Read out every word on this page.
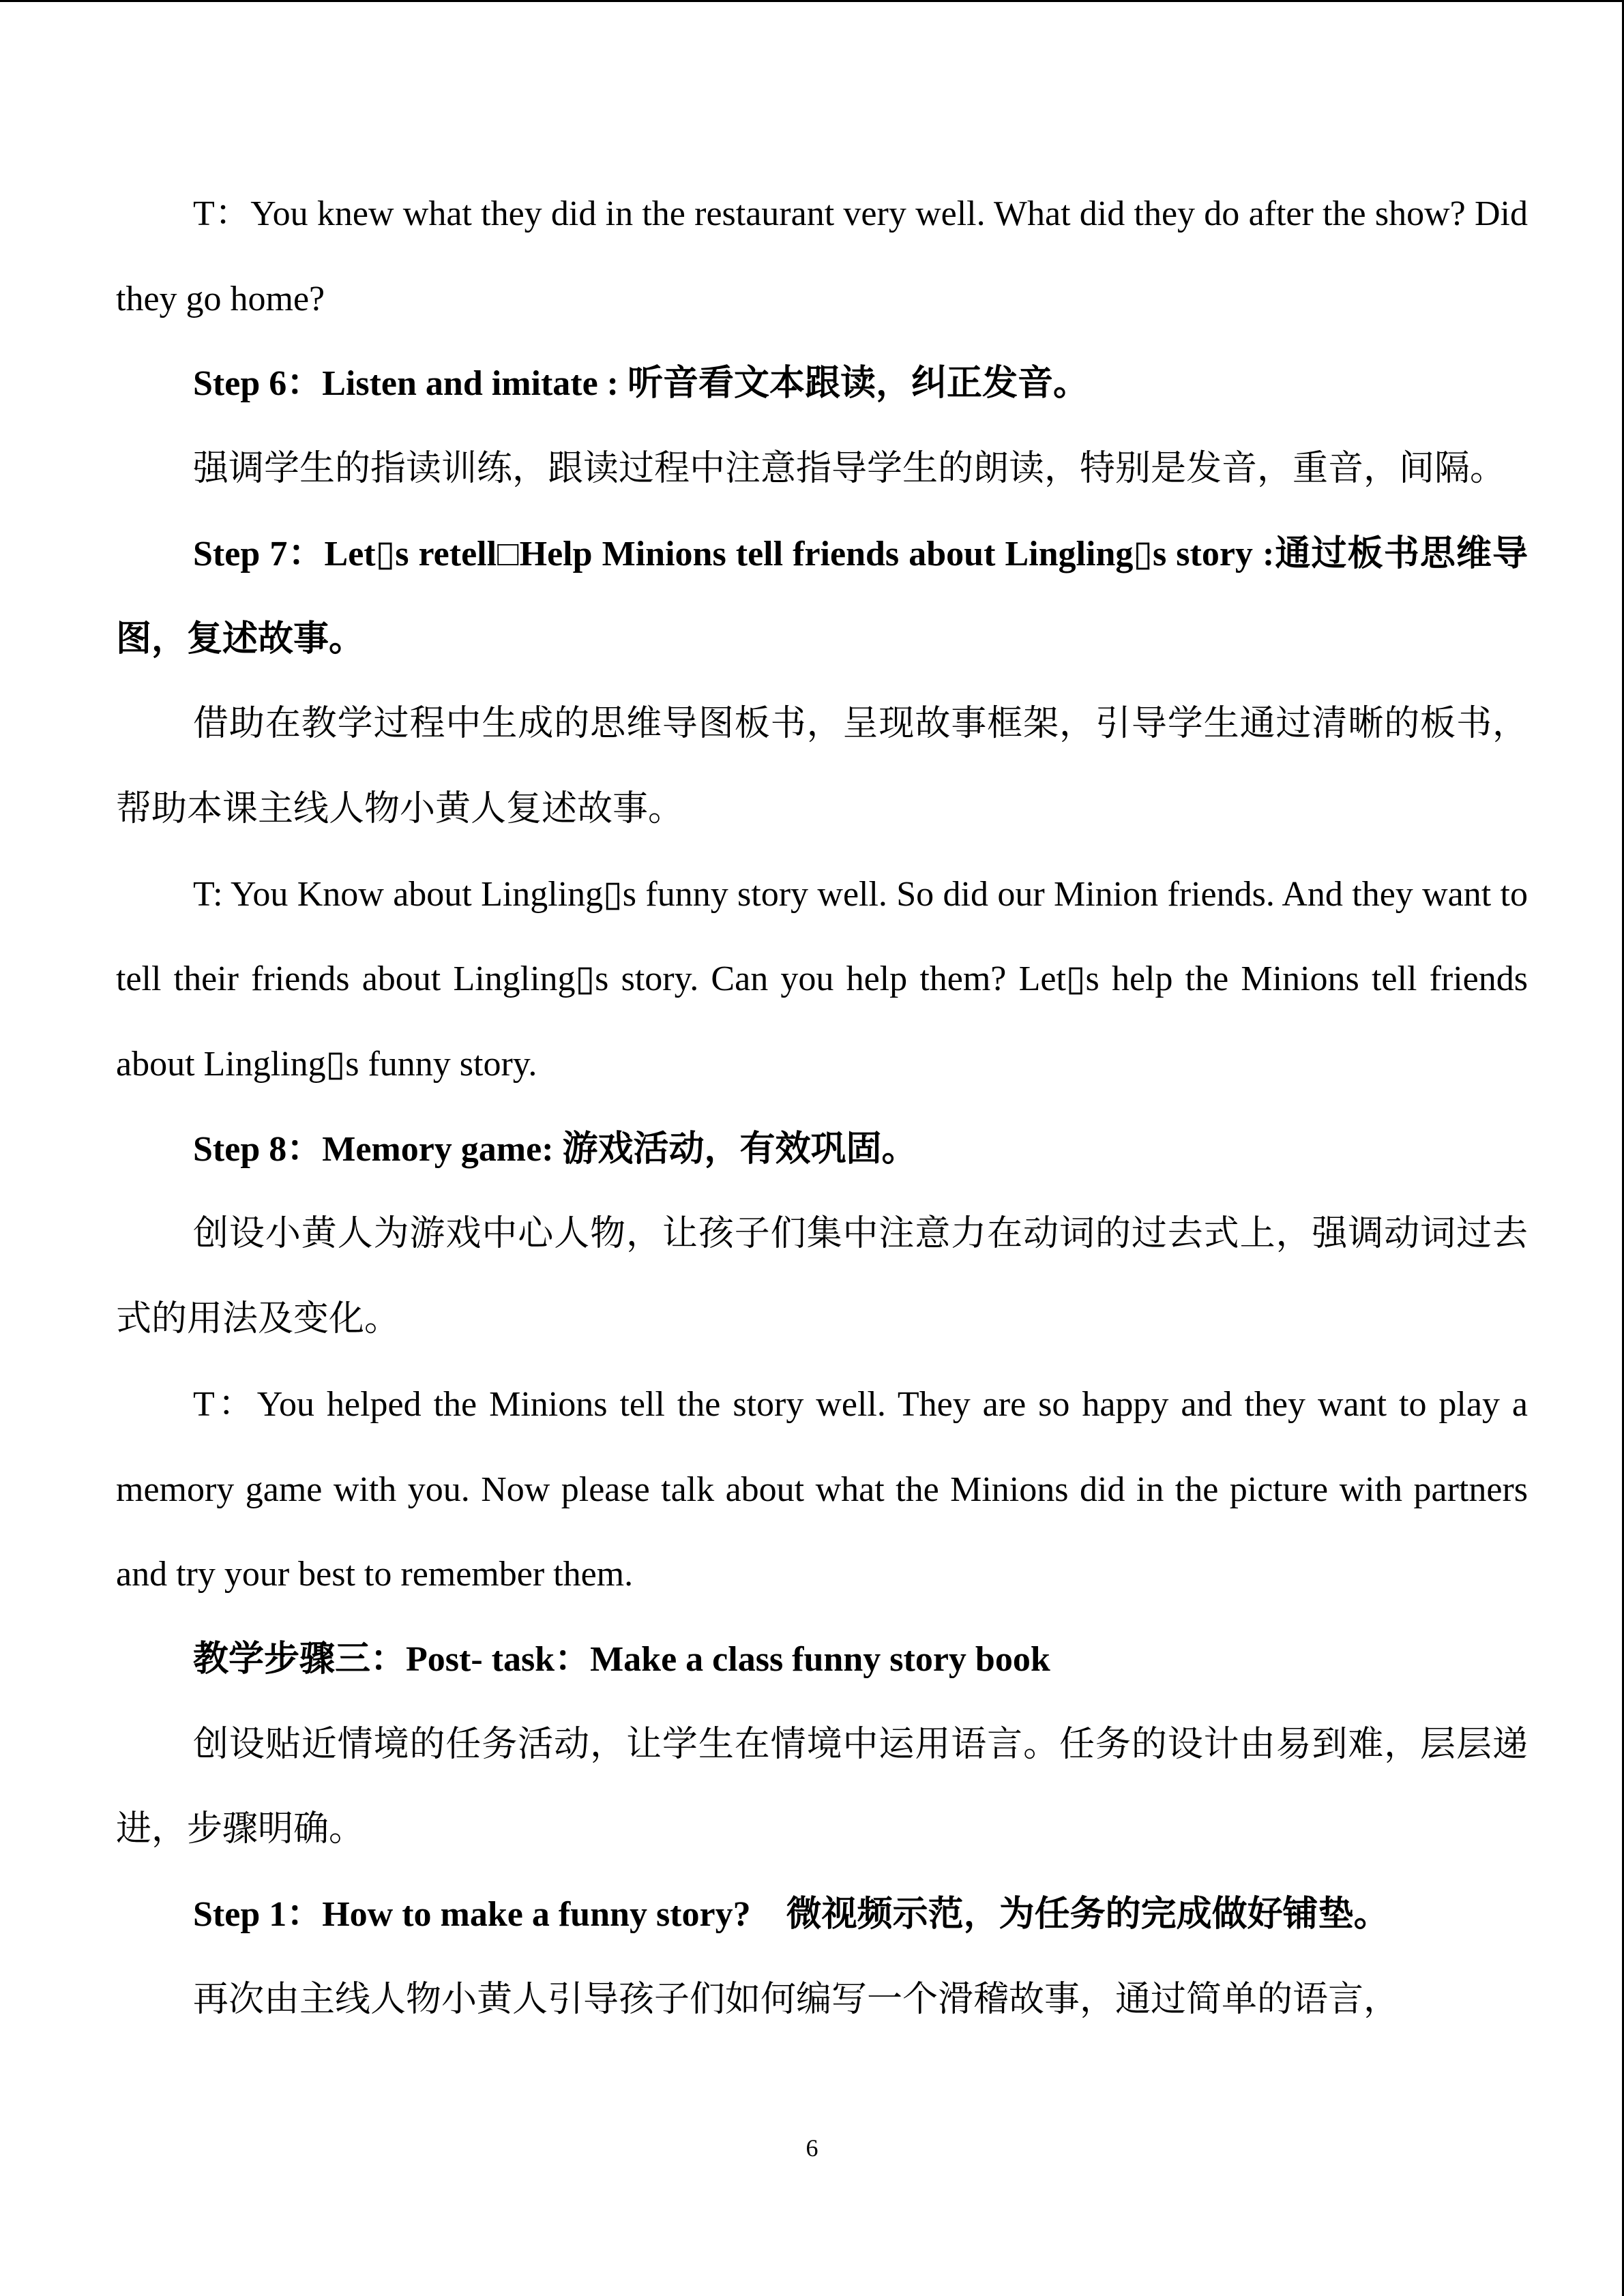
T：You knew what they did in the restaurant very well. What did they do after the show? Did they go home?

Step 6：Listen and imitate : 听音看文本跟读，纠正发音。

强调学生的指读训练，跟读过程中注意指导学生的朗读，特别是发音，重音，间隔。

Step 7：Let▯s retell□Help Minions tell friends about Lingling▯s story :通过板书思维导图，复述故事。

借助在教学过程中生成的思维导图板书，呈现故事框架，引导学生通过清晰的板书，帮助本课主线人物小黄人复述故事。

T: You Know about Lingling▯s funny story well. So did our Minion friends. And they want to tell their friends about Lingling▯s story. Can you help them? Let▯s help the Minions tell friends about Lingling▯s funny story.

Step 8：Memory game: 游戏活动，有效巩固。

创设小黄人为游戏中心人物，让孩子们集中注意力在动词的过去式上，强调动词过去式的用法及变化。

T：You helped the Minions tell the story well. They are so happy and they want to play a memory game with you. Now please talk about what the Minions did in the picture with partners and try your best to remember them.

教学步骤三：Post- task：Make a class funny story book

创设贴近情境的任务活动，让学生在情境中运用语言。任务的设计由易到难，层层递进，步骤明确。

Step 1：How to make a funny story?　微视频示范，为任务的完成做好铺垫。

再次由主线人物小黄人引导孩子们如何编写一个滑稽故事，通过简单的语言，

6
